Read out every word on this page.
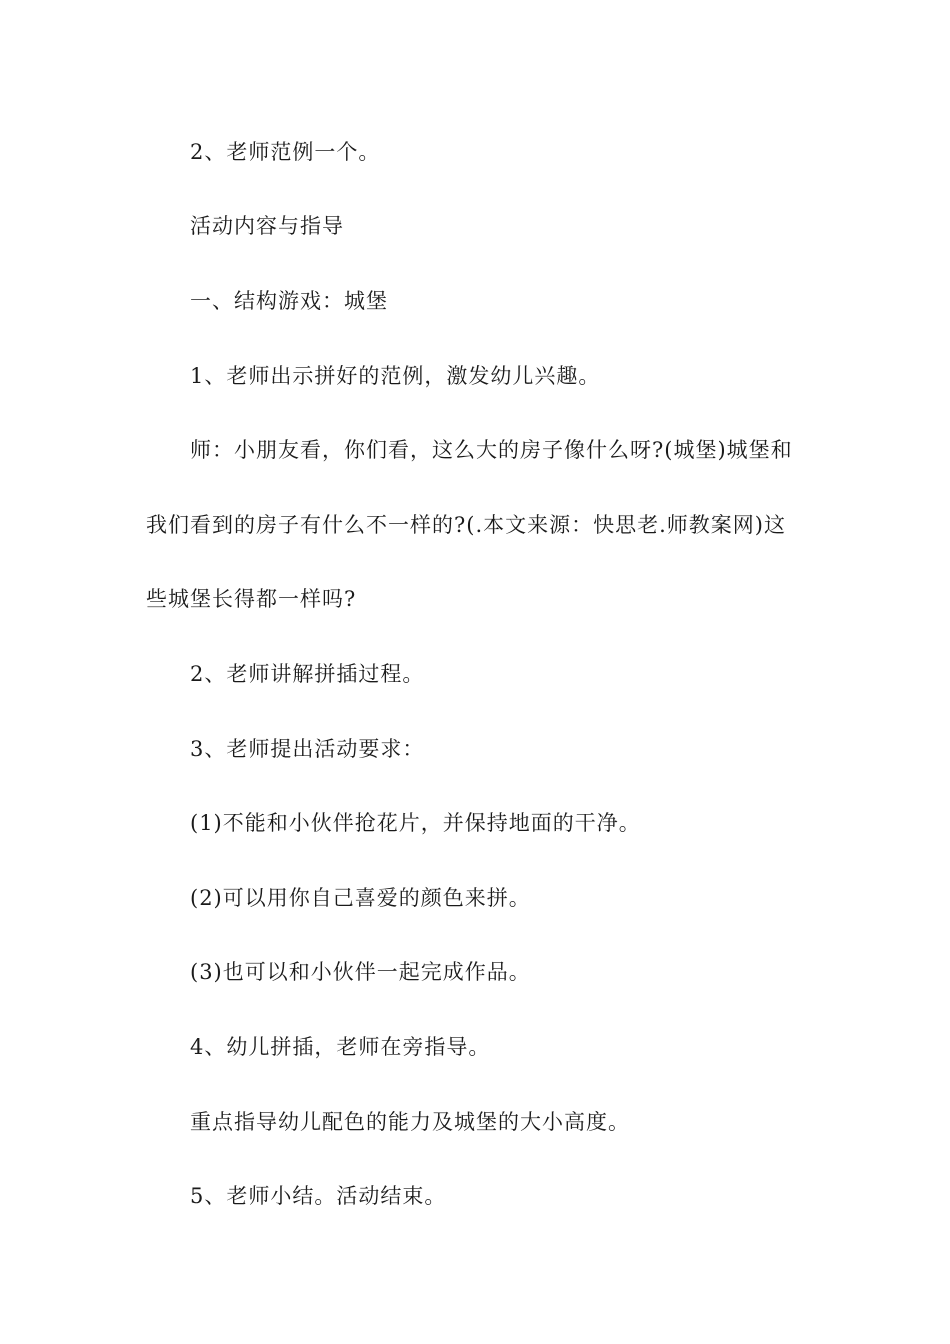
2、老师范例一个。
活动内容与指导
一、结构游戏：城堡
1、老师出示拼好的范例，激发幼儿兴趣。
师：小朋友看，你们看，这么大的房子像什么呀?(城堡)城堡和
我们看到的房子有什么不一样的?(.本文来源：快思老.师教案网)这
些城堡长得都一样吗?
2、老师讲解拼插过程。
3、老师提出活动要求：
(1)不能和小伙伴抢花片，并保持地面的干净。
(2)可以用你自己喜爱的颜色来拼。
(3)也可以和小伙伴一起完成作品。
4、幼儿拼插，老师在旁指导。
重点指导幼儿配色的能力及城堡的大小高度。
5、老师小结。活动结束。
